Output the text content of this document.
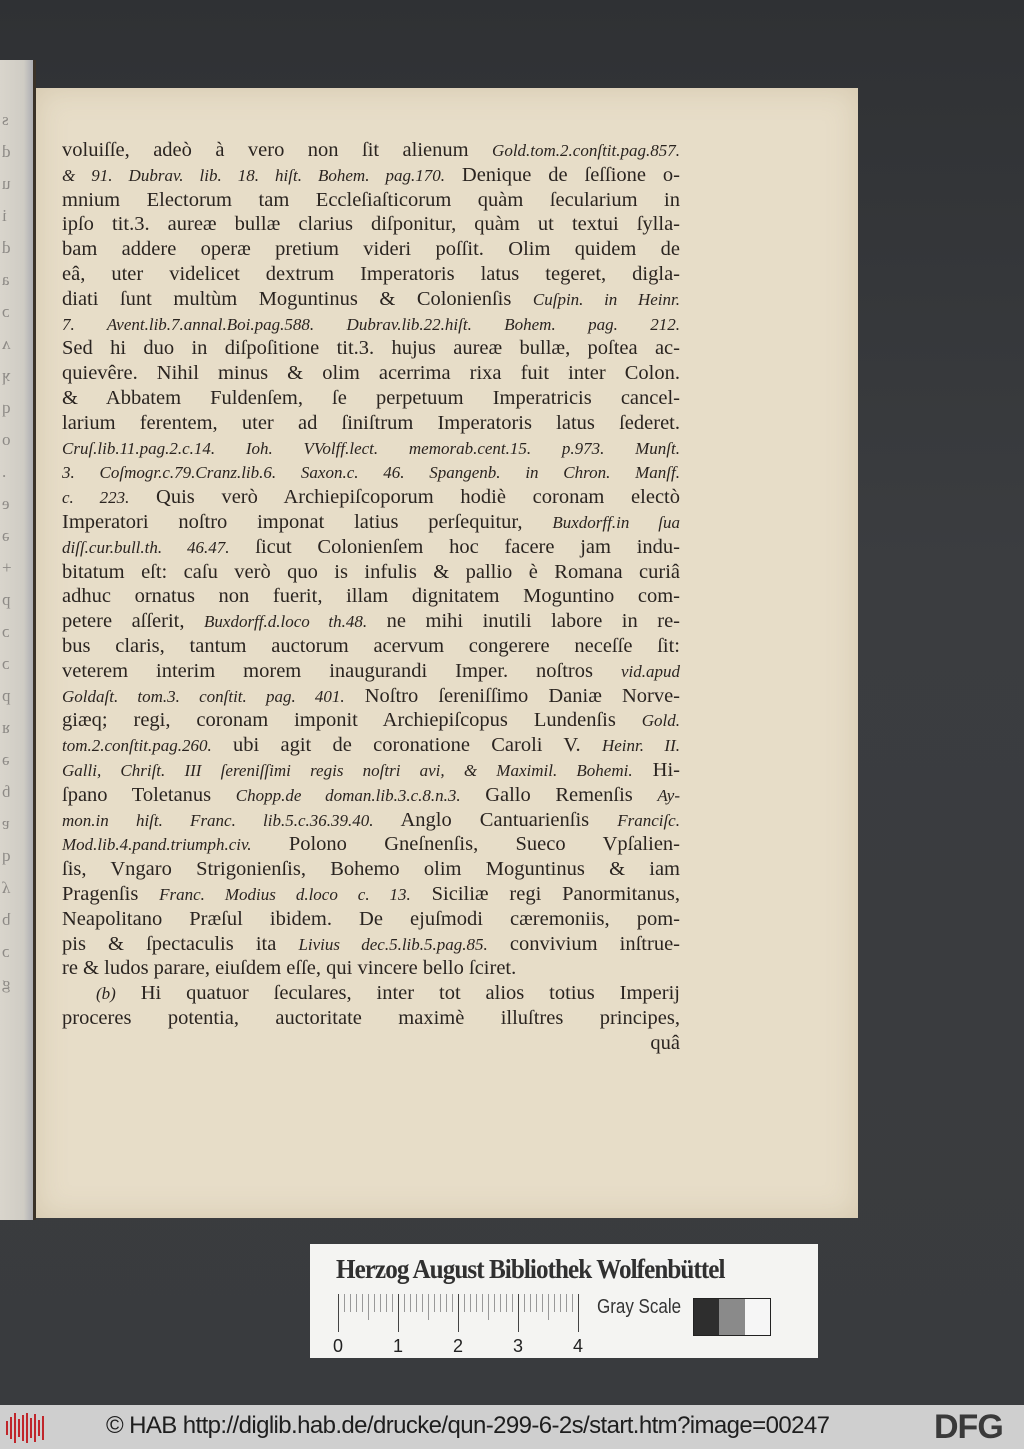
s
d
u
i
d
a
ɔ
ʌ
ʞ
q
o
.
e
ə
+
p
ɔ
ɔ
p
ᴚ
ǝ
ɓ
ɐ
q
ʎ
b
ɔ
g
voluiſſe, adeò à vero non ſit alienum Gold.tom.2.conſtit.pag.857.
& 91. Dubrav. lib. 18. hiſt. Bohem. pag.170. Denique de ſeſſione o-
mnium Electorum tam Eccleſiaſticorum quàm ſecularium in
ipſo tit.3. aureæ bullæ clarius diſponitur, quàm ut textui ſylla-
bam addere operæ pretium videri poſſit. Olim quidem de
eâ, uter videlicet dextrum Imperatoris latus tegeret, digla-
diati ſunt multùm Moguntinus & Colonienſis Cuſpin. in Heinr.
7. Avent.lib.7.annal.Boi.pag.588. Dubrav.lib.22.hiſt. Bohem. pag. 212.
Sed hi duo in diſpoſitione tit.3. hujus aureæ bullæ, poſtea ac-
quievêre. Nihil minus & olim acerrima rixa fuit inter Colon.
& Abbatem Fuldenſem, ſe perpetuum Imperatricis cancel-
larium ferentem, uter ad ſiniſtrum Imperatoris latus ſederet.
Cruſ.lib.11.pag.2.c.14. Ioh. VVolff.lect. memorab.cent.15. p.973. Munſt.
3. Coſmogr.c.79.Cranz.lib.6. Saxon.c. 46. Spangenb. in Chron. Manſf.
c. 223. Quis verò Archiepiſcoporum hodiè coronam electò
Imperatori noſtro imponat latius perſequitur, Buxdorff.in ſua
diſſ.cur.bull.th. 46.47. ſicut Colonienſem hoc facere jam indu-
bitatum eſt: caſu verò quo is infulis & pallio è Romana curiâ
adhuc ornatus non fuerit, illam dignitatem Moguntino com-
petere aſſerit, Buxdorff.d.loco th.48. ne mihi inutili labore in re-
bus claris, tantum auctorum acervum congerere neceſſe ſit:
veterem interim morem inaugurandi Imper. noſtros vid.apud
Goldaſt. tom.3. conſtit. pag. 401. Noſtro ſereniſſimo Daniæ Norve-
giæq; regi, coronam imponit Archiepiſcopus Lundenſis Gold.
tom.2.conſtit.pag.260. ubi agit de coronatione Caroli V. Heinr. II.
Galli, Chriſt. III ſereniſſimi regis noſtri avi, & Maximil. Bohemi. Hi-
ſpano Toletanus Chopp.de doman.lib.3.c.8.n.3. Gallo Remenſis Ay-
mon.in hiſt. Franc. lib.5.c.36.39.40. Anglo Cantuarienſis Franciſc.
Mod.lib.4.pand.triumph.civ. Polono Gneſnenſis, Sueco Vpſalien-
ſis, Vngaro Strigonienſis, Bohemo olim Moguntinus & iam
Pragenſis Franc. Modius d.loco c. 13. Siciliæ regi Panormitanus,
Neapolitano Præſul ibidem. De ejuſmodi cæremoniis, pom-
pis & ſpectaculis ita Livius dec.5.lib.5.pag.85. convivium inſtrue-
re & ludos parare, eiuſdem eſſe, qui vincere bello ſciret.
(b) Hi quatuor ſeculares, inter tot alios totius Imperij
proceres potentia, auctoritate maximè illuſtres principes,
quâ
Herzog August Bibliothek Wolfenbüttel
0	1	2	3	4
Gray Scale
© HAB http://diglib.hab.de/drucke/qun-299-6-2s/start.htm?image=00247	DFG
